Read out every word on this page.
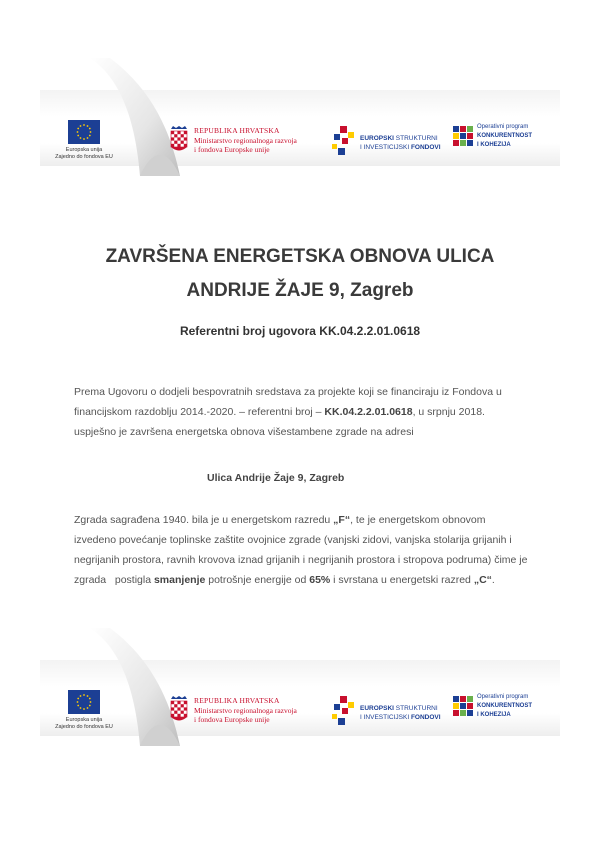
Europska unija
Zajedno do fondova EU
REPUBLIKA HRVATSKA
Ministarstvo regionalnoga razvoja
i fondova Europske unije
EUROPSKI STRUKTURNI
I INVESTICIJSKI FONDOVI
Operativni program
KONKURENTNOST
I KOHEZIJA
ZAVRŠENA ENERGETSKA OBNOVA ULICA
ANDRIJE ŽAJE 9, Zagreb
Referentni broj ugovora KK.04.2.2.01.0618
Prema Ugovoru o dodjeli bespovratnih sredstava za projekte koji se financiraju iz Fondova u
financijskom razdoblju 2014.-2020. – referentni broj – KK.04.2.2.01.0618, u srpnju 2018.
uspješno je završena energetska obnova višestambene zgrade na adresi
Ulica Andrije Žaje 9, Zagreb
Zgrada sagrađena 1940. bila je u energetskom razredu „F“, te je energetskom obnovom
izvedeno povećanje toplinske zaštite ovojnice zgrade (vanjski zidovi, vanjska stolarija grijanih i
negrijanih prostora, ravnih krovova iznad grijanih i negrijanih prostora i stropova podruma) čime je
zgrada   postigla smanjenje potrošnje energije od 65% i svrstana u energetski razred „C“.
Europska unija
Zajedno do fondova EU
REPUBLIKA HRVATSKA
Ministarstvo regionalnoga razvoja
i fondova Europske unije
EUROPSKI STRUKTURNI
I INVESTICIJSKI FONDOVI
Operativni program
KONKURENTNOST
I KOHEZIJA
